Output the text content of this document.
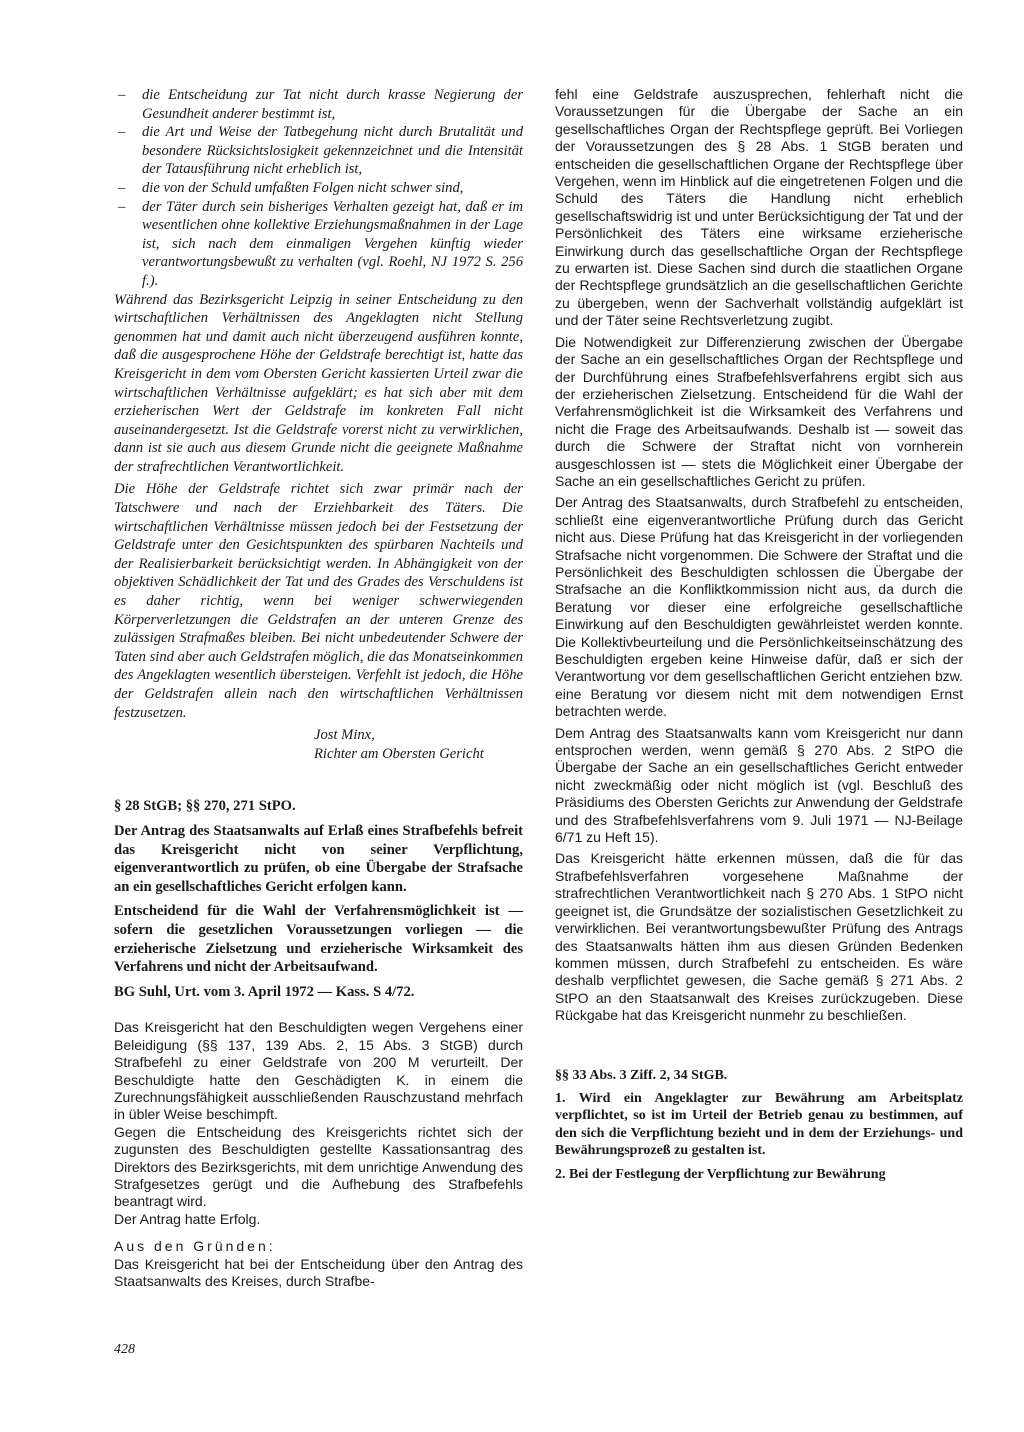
– die Entscheidung zur Tat nicht durch krasse Negierung der Gesundheit anderer bestimmt ist,

– die Art und Weise der Tatbegehung nicht durch Brutalität und besondere Rücksichtslosigkeit gekennzeichnet und die Intensität der Tatausführung nicht erheblich ist,

– die von der Schuld umfaßten Folgen nicht schwer sind,

– der Täter durch sein bisheriges Verhalten gezeigt hat, daß er im wesentlichen ohne kollektive Erziehungsmaßnahmen in der Lage ist, sich nach dem einmaligen Vergehen künftig wieder verantwortungsbewußt zu verhalten (vgl. Roehl, NJ 1972 S. 256 f.).

Während das Bezirksgericht Leipzig in seiner Entscheidung zu den wirtschaftlichen Verhältnissen des Angeklagten nicht Stellung genommen hat und damit auch nicht überzeugend ausführen konnte, daß die ausgesprochene Höhe der Geldstrafe berechtigt ist, hatte das Kreisgericht in dem vom Obersten Gericht kassierten Urteil zwar die wirtschaftlichen Verhältnisse aufgeklärt; es hat sich aber mit dem erzieherischen Wert der Geldstrafe im konkreten Fall nicht auseinandergesetzt. Ist die Geldstrafe vorerst nicht zu verwirklichen, dann ist sie auch aus diesem Grunde nicht die geeignete Maßnahme der strafrechtlichen Verantwortlichkeit.

Die Höhe der Geldstrafe richtet sich zwar primär nach der Tatschwere und nach der Erziehbarkeit des Täters. Die wirtschaftlichen Verhältnisse müssen jedoch bei der Festsetzung der Geldstrafe unter den Gesichtspunkten des spürbaren Nachteils und der Realisierbarkeit berücksichtigt werden. In Abhängigkeit von der objektiven Schädlichkeit der Tat und des Grades des Verschuldens ist es daher richtig, wenn bei weniger schwerwiegenden Körperverletzungen die Geldstrafen an der unteren Grenze des zulässigen Strafmaßes bleiben. Bei nicht unbedeutender Schwere der Taten sind aber auch Geldstrafen möglich, die das Monatseinkommen des Angeklagten wesentlich übersteigen. Verfehlt ist jedoch, die Höhe der Geldstrafen allein nach den wirtschaftlichen Verhältnissen festzusetzen.

Jost Minx,

Richter am Obersten Gericht

§ 28 StGB; §§ 270, 271 StPO.

Der Antrag des Staatsanwalts auf Erlaß eines Strafbefehls befreit das Kreisgericht nicht von seiner Verpflichtung, eigenverantwortlich zu prüfen, ob eine Übergabe der Strafsache an ein gesellschaftliches Gericht erfolgen kann.

Entscheidend für die Wahl der Verfahrensmöglichkeit ist — sofern die gesetzlichen Voraussetzungen vorliegen — die erzieherische Zielsetzung und erzieherische Wirksamkeit des Verfahrens und nicht der Arbeitsaufwand.

BG Suhl, Urt. vom 3. April 1972 — Kass. S 4/72.

Das Kreisgericht hat den Beschuldigten wegen Vergehens einer Beleidigung (§§ 137, 139 Abs. 2, 15 Abs. 3 StGB) durch Strafbefehl zu einer Geldstrafe von 200 M verurteilt. Der Beschuldigte hatte den Geschädigten K. in einem die Zurechnungsfähigkeit ausschließenden Rauschzustand mehrfach in übler Weise beschimpft.

Gegen die Entscheidung des Kreisgerichts richtet sich der zugunsten des Beschuldigten gestellte Kassationsantrag des Direktors des Bezirksgerichts, mit dem unrichtige Anwendung des Strafgesetzes gerügt und die Aufhebung des Strafbefehls beantragt wird.

Der Antrag hatte Erfolg.

Aus den Gründen:

Das Kreisgericht hat bei der Entscheidung über den Antrag des Staatsanwalts des Kreises, durch Strafbe-

fehl eine Geldstrafe auszusprechen, fehlerhaft nicht die Voraussetzungen für die Übergabe der Sache an ein gesellschaftliches Organ der Rechtspflege geprüft. Bei Vorliegen der Voraussetzungen des § 28 Abs. 1 StGB beraten und entscheiden die gesellschaftlichen Organe der Rechtspflege über Vergehen, wenn im Hinblick auf die eingetretenen Folgen und die Schuld des Täters die Handlung nicht erheblich gesellschaftswidrig ist und unter Berücksichtigung der Tat und der Persönlichkeit des Täters eine wirksame erzieherische Einwirkung durch das gesellschaftliche Organ der Rechtspflege zu erwarten ist. Diese Sachen sind durch die staatlichen Organe der Rechtspflege grundsätzlich an die gesellschaftlichen Gerichte zu übergeben, wenn der Sachverhalt vollständig aufgeklärt ist und der Täter seine Rechtsverletzung zugibt.

Die Notwendigkeit zur Differenzierung zwischen der Übergabe der Sache an ein gesellschaftliches Organ der Rechtspflege und der Durchführung eines Strafbefehlsverfahrens ergibt sich aus der erzieherischen Zielsetzung. Entscheidend für die Wahl der Verfahrensmöglichkeit ist die Wirksamkeit des Verfahrens und nicht die Frage des Arbeitsaufwands. Deshalb ist — soweit das durch die Schwere der Straftat nicht von vornherein ausgeschlossen ist — stets die Möglichkeit einer Übergabe der Sache an ein gesellschaftliches Gericht zu prüfen.

Der Antrag des Staatsanwalts, durch Strafbefehl zu entscheiden, schließt eine eigenverantwortliche Prüfung durch das Gericht nicht aus. Diese Prüfung hat das Kreisgericht in der vorliegenden Strafsache nicht vorgenommen. Die Schwere der Straftat und die Persönlichkeit des Beschuldigten schlossen die Übergabe der Strafsache an die Konfliktkommission nicht aus, da durch die Beratung vor dieser eine erfolgreiche gesellschaftliche Einwirkung auf den Beschuldigten gewährleistet werden konnte. Die Kollektivbeurteilung und die Persönlichkeitseinschätzung des Beschuldigten ergeben keine Hinweise dafür, daß er sich der Verantwortung vor dem gesellschaftlichen Gericht entziehen bzw. eine Beratung vor diesem nicht mit dem notwendigen Ernst betrachten werde.

Dem Antrag des Staatsanwalts kann vom Kreisgericht nur dann entsprochen werden, wenn gemäß § 270 Abs. 2 StPO die Übergabe der Sache an ein gesellschaftliches Gericht entweder nicht zweckmäßig oder nicht möglich ist (vgl. Beschluß des Präsidiums des Obersten Gerichts zur Anwendung der Geldstrafe und des Strafbefehlsverfahrens vom 9. Juli 1971 — NJ-Beilage 6/71 zu Heft 15).

Das Kreisgericht hätte erkennen müssen, daß die für das Strafbefehlsverfahren vorgesehene Maßnahme der strafrechtlichen Verantwortlichkeit nach § 270 Abs. 1 StPO nicht geeignet ist, die Grundsätze der sozialistischen Gesetzlichkeit zu verwirklichen. Bei verantwortungsbewußter Prüfung des Antrags des Staatsanwalts hätten ihm aus diesen Gründen Bedenken kommen müssen, durch Strafbefehl zu entscheiden. Es wäre deshalb verpflichtet gewesen, die Sache gemäß § 271 Abs. 2 StPO an den Staatsanwalt des Kreises zurückzugeben. Diese Rückgabe hat das Kreisgericht nunmehr zu beschließen.

§§ 33 Abs. 3 Ziff. 2, 34 StGB.

1. Wird ein Angeklagter zur Bewährung am Arbeitsplatz verpflichtet, so ist im Urteil der Betrieb genau zu bestimmen, auf den sich die Verpflichtung bezieht und in dem der Erziehungs- und Bewährungsprozeß zu gestalten ist.

2. Bei der Festlegung der Verpflichtung zur Bewährung

428
